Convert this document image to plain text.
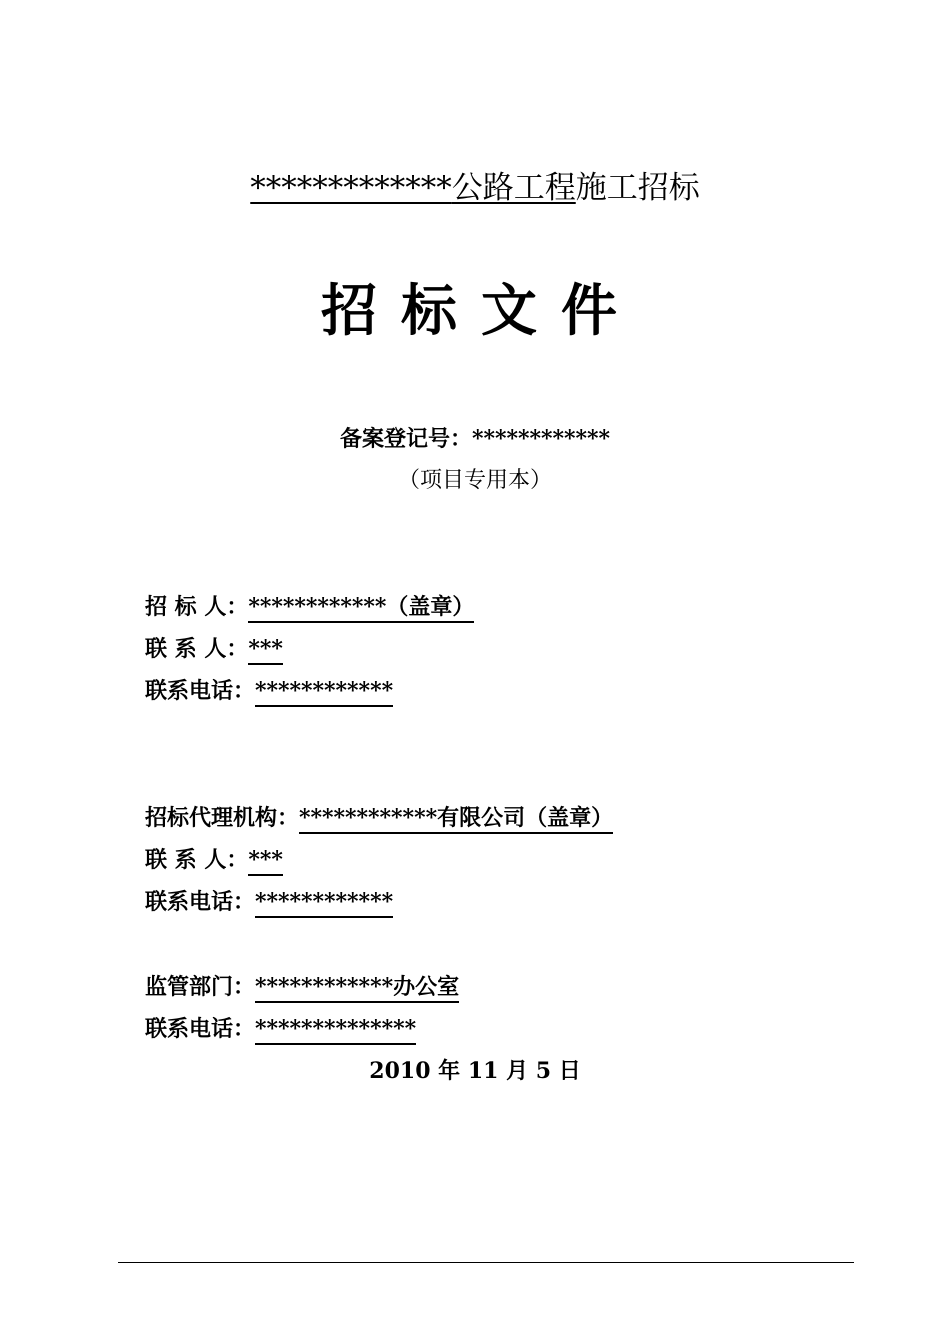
*************公路工程施工招标
招标文件
备案登记号：************
（项目专用本）
招 标 人：************（盖章）
联 系 人：***
联系电话：************
招标代理机构：************有限公司（盖章）
联 系 人：***
联系电话：************
监管部门：************办公室
联系电话：**************
2010 年 11 月 5 日
